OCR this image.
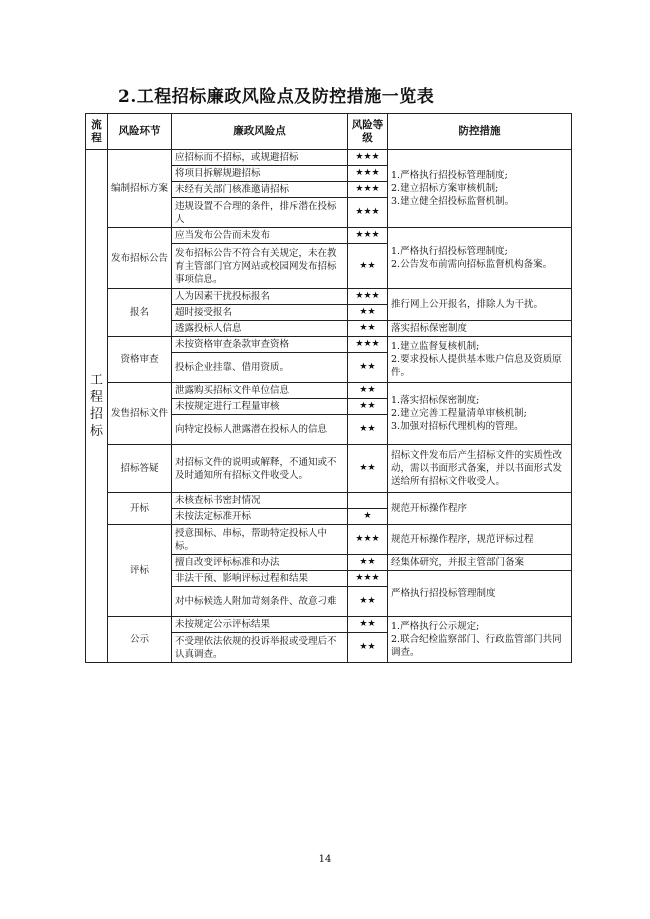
2.工程招标廉政风险点及防控措施一览表
流程	风险环节	廉政风险点	风险等级	防控措施
工程招标	编制招标方案	应招标而不招标，或规避招标	★★★	1.严格执行招投标管理制度;
2.建立招标方案审核机制;
3.建立健全招投标监督机制。

		将项目拆解规避招标	★★★	
		未经有关部门核准邀请招标	★★★	
		违规设置不合理的条件，排斥潜在投标人	★★★	
	发布招标公告	应当发布公告而未发布	★★★	1.严格执行招投标管理制度;
2.公告发布前需向招标监督机构备案。

		发布招标公告不符合有关规定，未在教育主管部门官方网站或校园网发布招标事项信息。	★★	
	报名	人为因素干扰投标报名	★★★	推行网上公开报名，排除人为干扰。

		超时接受报名	★★	
		透露投标人信息	★★	落实招标保密制度

	资格审查	未按资格审查条款审查资格	★★★	1.建立监督复核机制;
2.要求投标人提供基本账户信息及资质原件。

		投标企业挂靠、借用资质。	★★	
	发售招标文件	泄露购买招标文件单位信息	★★	1.落实招标保密制度;
2.建立完善工程量清单审核机制;
3.加强对招标代理机构的管理。

		未按规定进行工程量审核	★★	
		向特定投标人泄露潜在投标人的信息	★★	
	招标答疑	对招标文件的说明或解释，不通知或不及时通知所有招标文件收受人。	★★	招标文件发布后产生招标文件的实质性改动，需以书面形式备案，并以书面形式发送给所有招标文件收受人。

	开标	未核查标书密封情况		规范开标操作程序

		未按法定标准开标	★	
	评标	授意围标、串标，帮助特定投标人中标。	★★★	规范开标操作程序，规范评标过程

		擅自改变评标标准和办法	★★	经集体研究，并报主管部门备案

		非法干预、影响评标过程和结果	★★★	严格执行招投标管理制度

		对中标候选人附加苛刻条件、故意刁难	★★	
	公示	未按规定公示评标结果	★★	1.严格执行公示规定;
2.联合纪检监察部门、行政监管部门共同调查。

		不受理依法依规的投诉举报或受理后不认真调查。	★★	
14
